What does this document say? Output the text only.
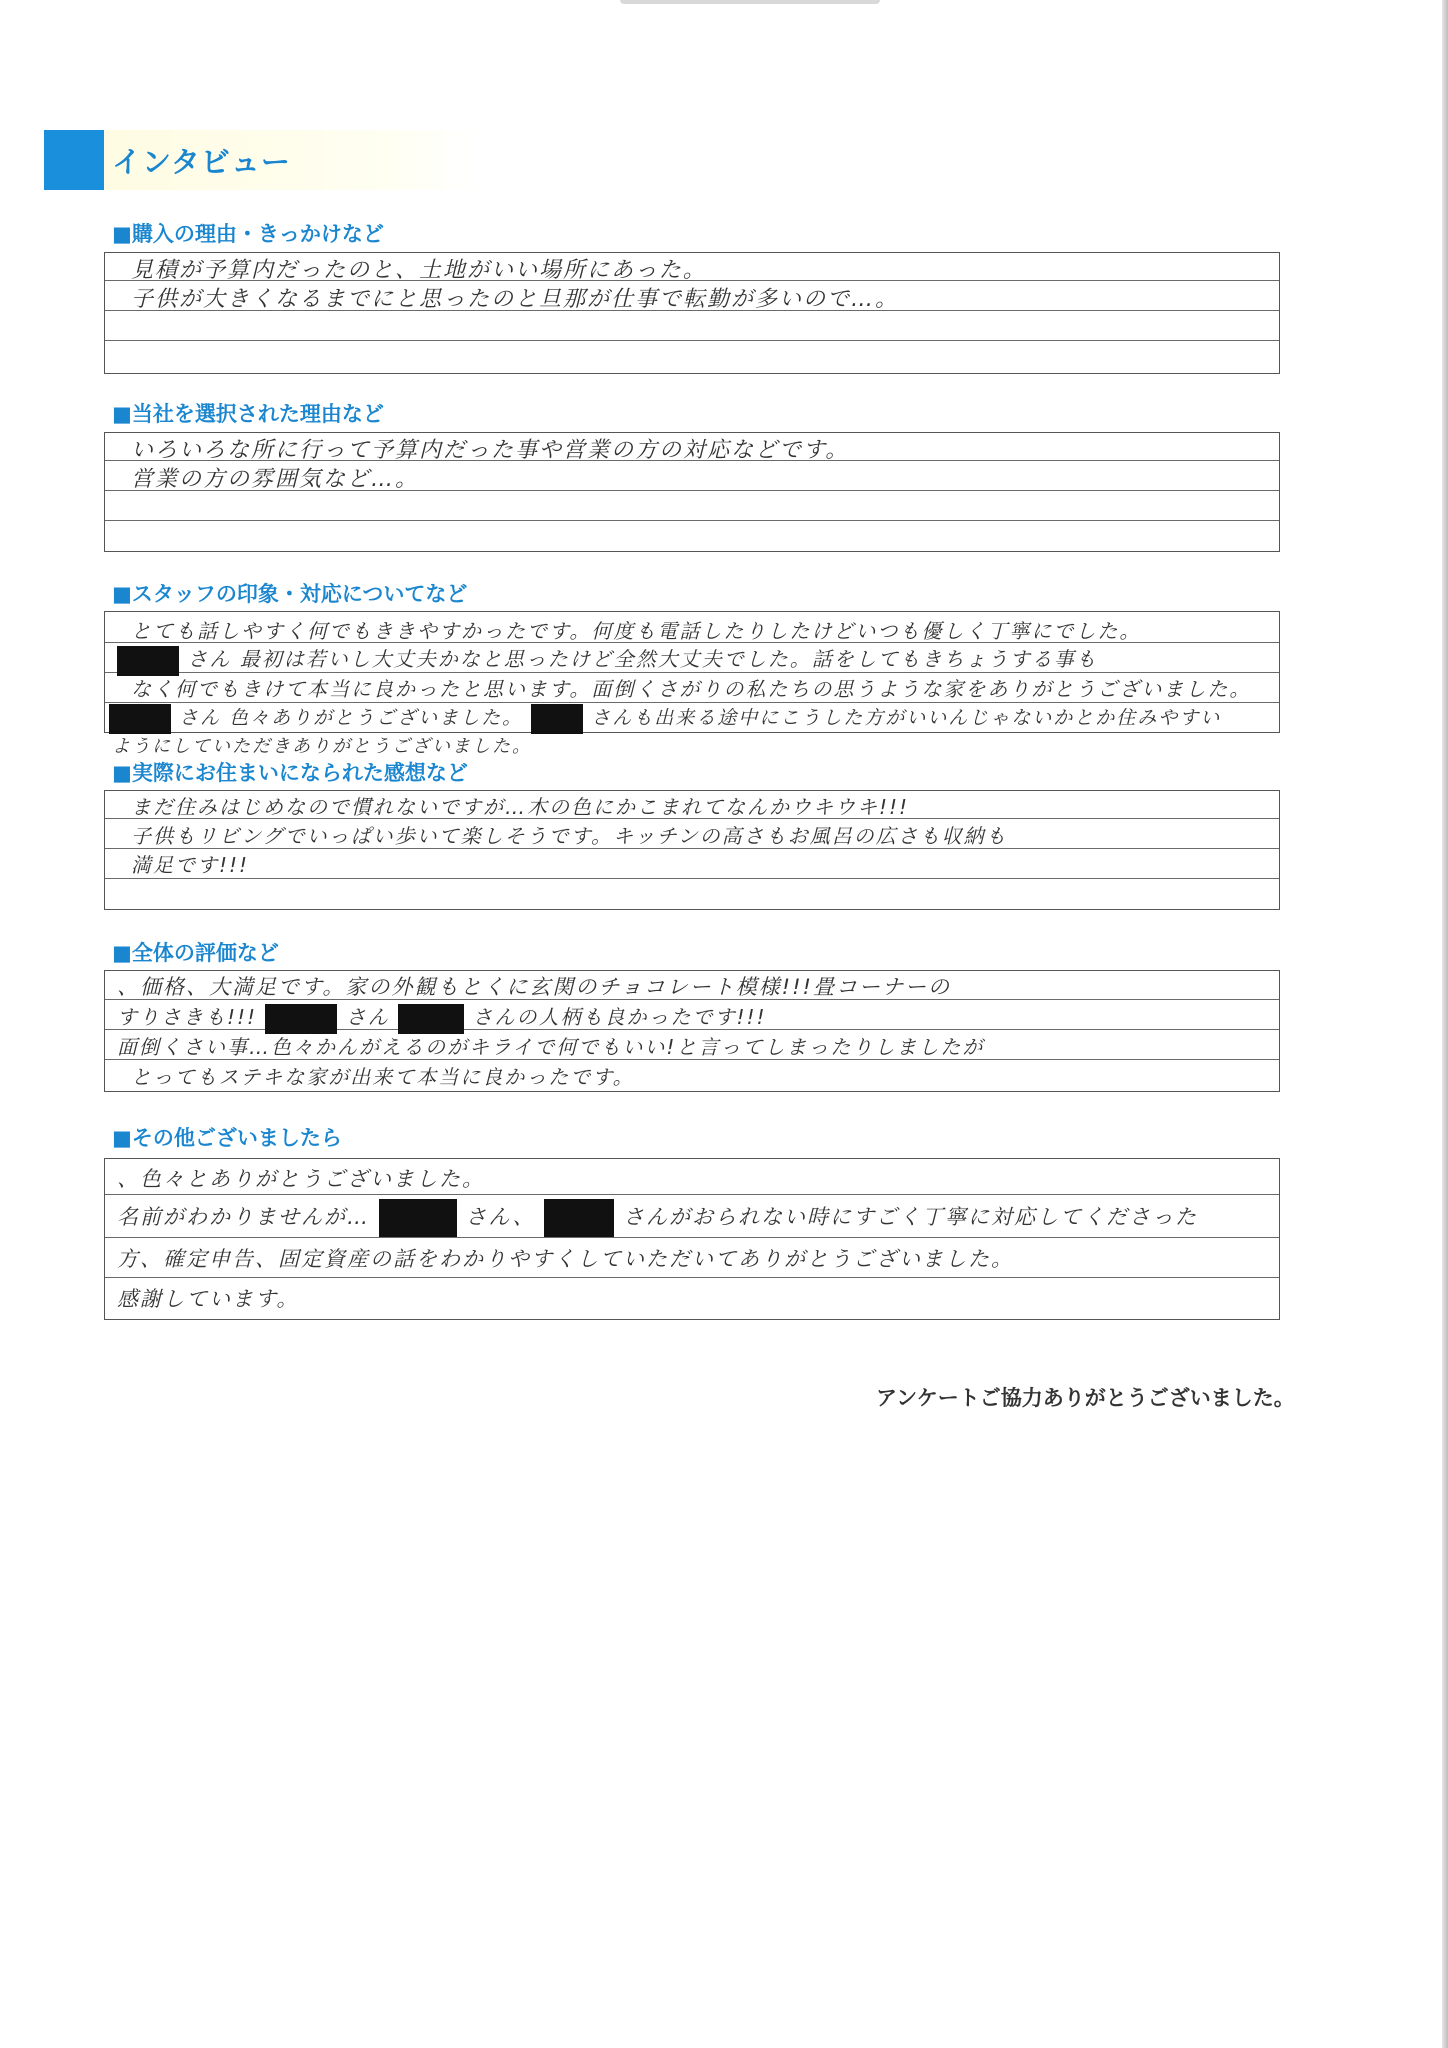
インタビュー
■購入の理由・きっかけなど
見積が予算内だったのと、土地がいい場所にあった。
子供が大きくなるまでにと思ったのと旦那が仕事で転勤が多いので…。
■当社を選択された理由など
いろいろな所に行って予算内だった事や営業の方の対応などです。
営業の方の雰囲気など…。
■スタッフの印象・対応についてなど
とても話しやすく何でもききやすかったです。何度も電話したりしたけどいつも優しく丁寧にでした。
さん 最初は若いし大丈夫かなと思ったけど全然大丈夫でした。話をしてもきちょうする事も
なく何でもきけて本当に良かったと思います。面倒くさがりの私たちの思うような家をありがとうございました。
さん 色々ありがとうございました。	さんも出来る途中にこうした方がいいんじゃないかとか住みやすい
ようにしていただきありがとうございました。
■実際にお住まいになられた感想など
まだ住みはじめなので慣れないですが…木の色にかこまれてなんかウキウキ!!!
子供もリビングでいっぱい歩いて楽しそうです。キッチンの高さもお風呂の広さも収納も
満足です!!!
■全体の評価など
、価格、大満足です。家の外観もとくに玄関のチョコレート模様!!!畳コーナーの
すりさきも!!!	さん	さんの人柄も良かったです!!!
面倒くさい事…色々かんがえるのがキライで何でもいい!と言ってしまったりしましたが
とってもステキな家が出来て本当に良かったです。
■その他ございましたら
、色々とありがとうございました。
名前がわかりませんが…	さん、	さんがおられない時にすごく丁寧に対応してくださった
方、確定申告、固定資産の話をわかりやすくしていただいてありがとうございました。
感謝しています。
アンケートご協力ありがとうございました。
